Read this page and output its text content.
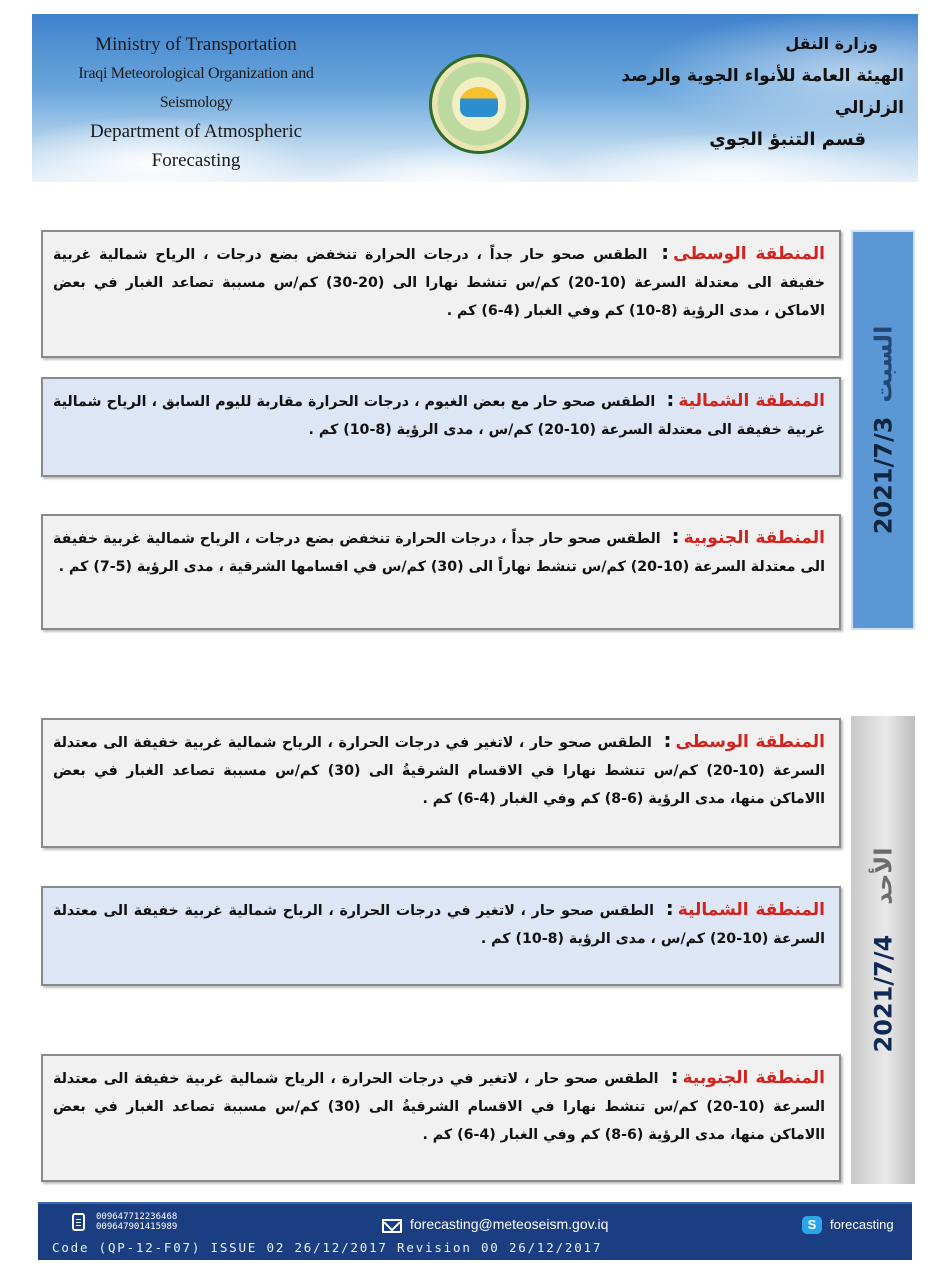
Ministry of Transportation
Iraqi Meteorological Organization and Seismology
Department of Atmospheric Forecasting
وزارة النقل
الهيئة العامة للأنواء الجوية والرصد الزلزالي
قسم التنبؤ الجوي
السبت2021/7/3
المنطقة الوسطى: الطقس صحو حار جداً ، درجات الحرارة تنخفض بضع درجات ، الرياح شمالية غربية خفيفة الى معتدلة السرعة (10-20) كم/س تنشط نهارا الى (20-30) كم/س مسببة تصاعد الغبار في بعض الاماكن ، مدى الرؤية (8-10) كم وفي الغبار (4-6) كم .
المنطقة الشمالية: الطقس صحو حار مع بعض الغيوم ، درجات الحرارة مقاربة لليوم السابق ، الرياح شمالية غربية خفيفة الى معتدلة السرعة (10-20) كم/س ، مدى الرؤية (8-10) كم .
المنطقة الجنوبية: الطقس صحو حار جداً ، درجات الحرارة تنخفض بضع درجات ، الرياح شمالية غربية خفيفة الى معتدلة السرعة (10-20) كم/س تنشط نهاراً الى (30) كم/س في اقسامها الشرقية ، مدى الرؤية (5-7) كم .
الأحد2021/7/4
المنطقة الوسطى: الطقس صحو حار ، لاتغير في درجات الحرارة ، الرياح شمالية غربية خفيفة الى معتدلة السرعة (10-20) كم/س تنشط نهارا في الاقسام الشرقيةُ الى (30) كم/س مسببة تصاعد الغبار في بعض االاماكن منها، مدى الرؤية (6-8) كم وفي الغبار (4-6) كم .
المنطقة الشمالية: الطقس صحو حار ، لاتغير في درجات الحرارة ، الرياح شمالية غربية خفيفة الى معتدلة السرعة (10-20) كم/س ، مدى الرؤية (8-10) كم .
المنطقة الجنوبية: الطقس صحو حار ، لاتغير في درجات الحرارة ، الرياح شمالية غربية خفيفة الى معتدلة السرعة (10-20) كم/س تنشط نهارا في الاقسام الشرقيةُ الى (30) كم/س مسببة تصاعد الغبار في بعض االاماكن منها، مدى الرؤية (6-8) كم وفي الغبار (4-6) كم .
009647712236468
009647901415989	forecasting@meteoseism.gov.iq	S	forecasting
Code (QP-12-F07) ISSUE 02 26/12/2017 Revision 00 26/12/2017
